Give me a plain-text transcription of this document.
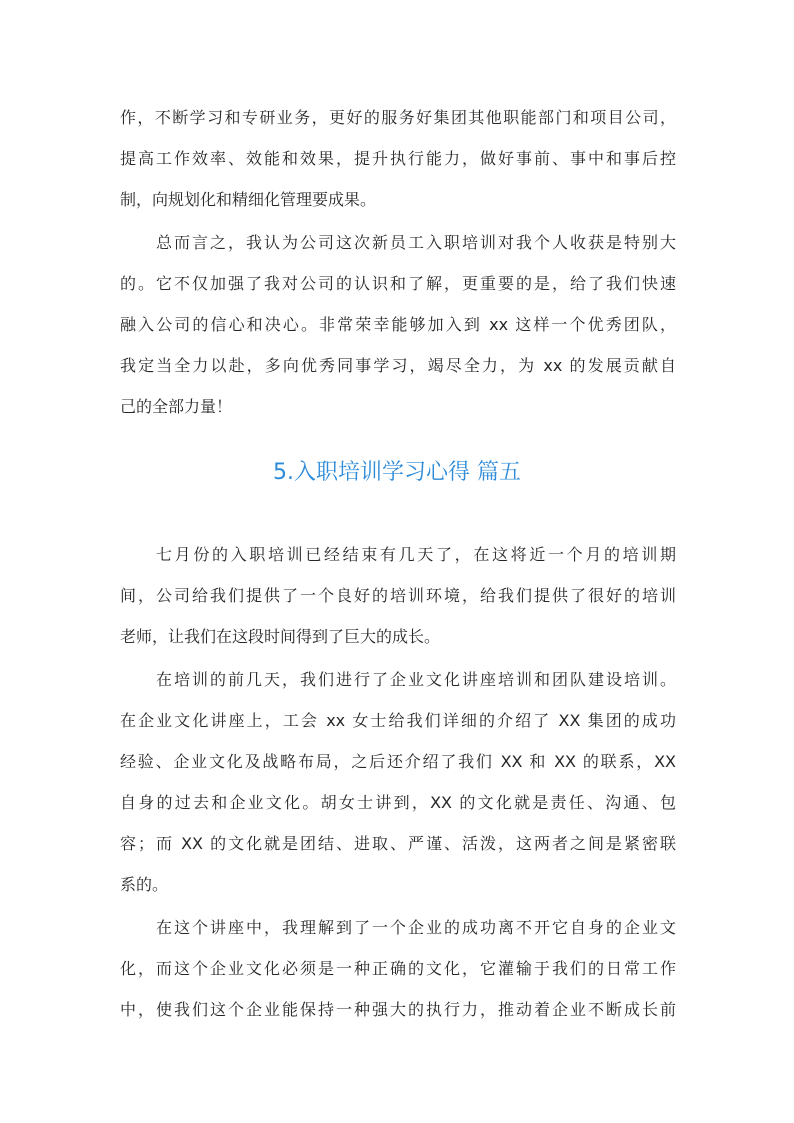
作，不断学习和专研业务，更好的服务好集团其他职能部门和项目公司，
提高工作效率、效能和效果，提升执行能力，做好事前、事中和事后控
制，向规划化和精细化管理要成果。
总而言之，我认为公司这次新员工入职培训对我个人收获是特别大
的。它不仅加强了我对公司的认识和了解，更重要的是，给了我们快速
融入公司的信心和决心。非常荣幸能够加入到 xx 这样一个优秀团队，
我定当全力以赴，多向优秀同事学习，竭尽全力，为 xx 的发展贡献自
己的全部力量！
5.入职培训学习心得 篇五
七月份的入职培训已经结束有几天了，在这将近一个月的培训期
间，公司给我们提供了一个良好的培训环境，给我们提供了很好的培训
老师，让我们在这段时间得到了巨大的成长。
在培训的前几天，我们进行了企业文化讲座培训和团队建设培训。
在企业文化讲座上，工会 xx 女士给我们详细的介绍了 XX 集团的成功
经验、企业文化及战略布局，之后还介绍了我们 XX 和 XX 的联系，XX
自身的过去和企业文化。胡女士讲到，XX 的文化就是责任、沟通、包
容；而 XX 的文化就是团结、进取、严谨、活泼，这两者之间是紧密联
系的。
在这个讲座中，我理解到了一个企业的成功离不开它自身的企业文
化，而这个企业文化必须是一种正确的文化，它灌输于我们的日常工作
中，使我们这个企业能保持一种强大的执行力，推动着企业不断成长前
